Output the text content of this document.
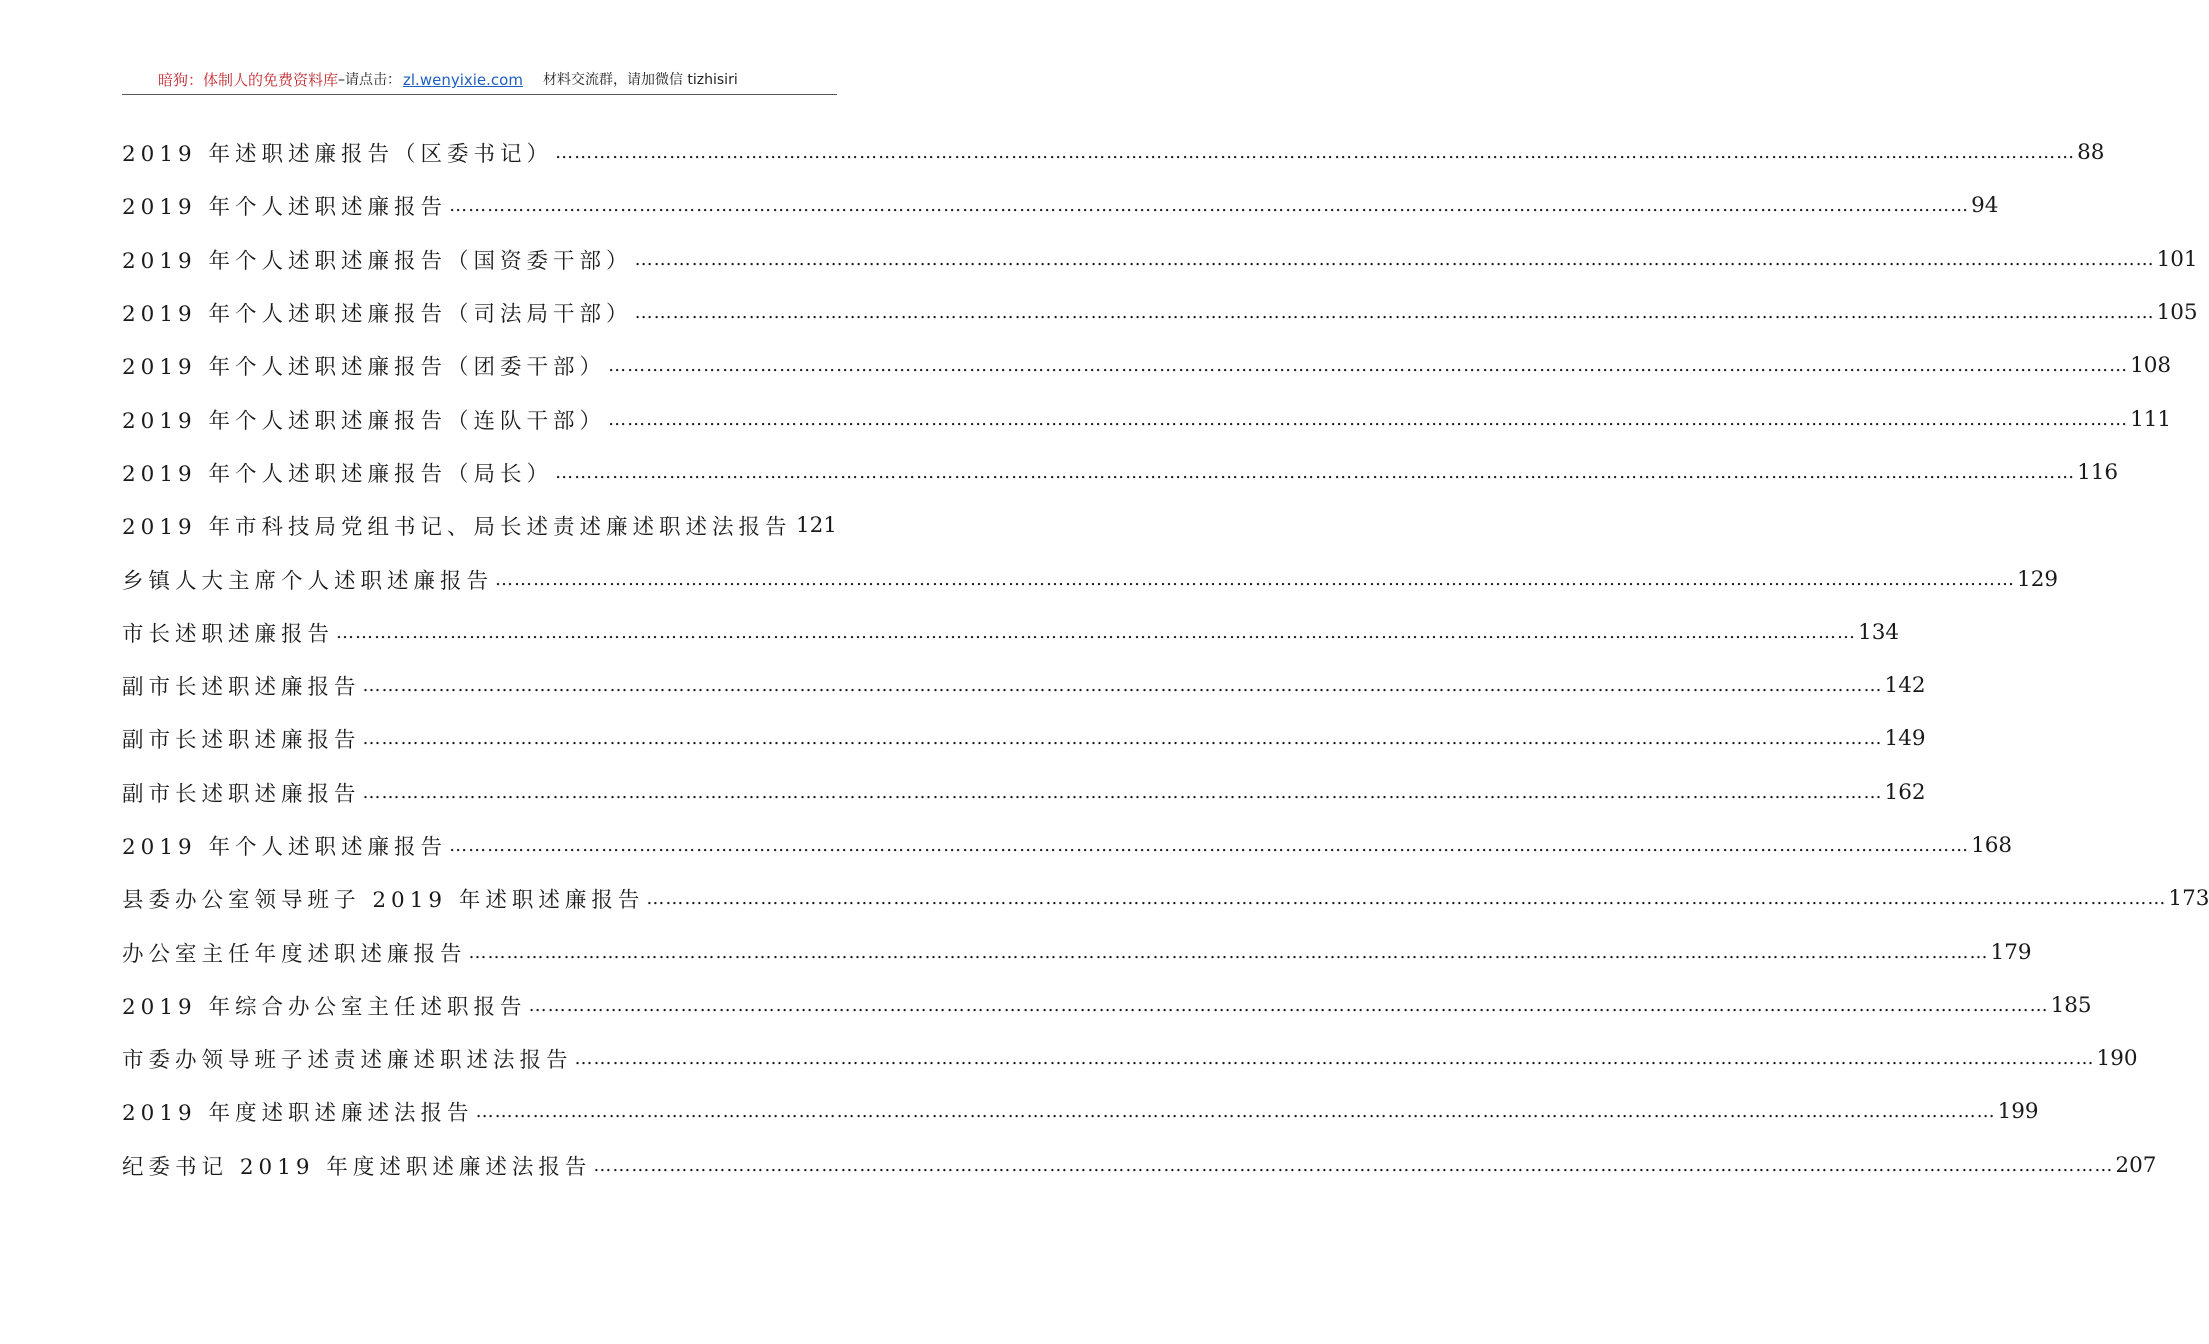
暗狗：体制人的免费资料库 –请点击： zl.wenyixie.com 材料交流群，请加微信 tizhisiri
2019 年述职述廉报告（区委书记） …………………………………………………………………………………………………………………………………………………………………………………………………………………… 88
2019 年个人述职述廉报告 …………………………………………………………………………………………………………………………………………………………………………………………………………………… 94
2019 年个人述职述廉报告（国资委干部） …………………………………………………………………………………………………………………………………………………………………………………………………………………… 101
2019 年个人述职述廉报告（司法局干部） …………………………………………………………………………………………………………………………………………………………………………………………………………………… 105
2019 年个人述职述廉报告（团委干部） …………………………………………………………………………………………………………………………………………………………………………………………………………………… 108
2019 年个人述职述廉报告（连队干部） …………………………………………………………………………………………………………………………………………………………………………………………………………………… 111
2019 年个人述职述廉报告（局长） …………………………………………………………………………………………………………………………………………………………………………………………………………………… 116
2019 年市科技局党组书记、局长述责述廉述职述法报告 121
乡镇人大主席个人述职述廉报告 …………………………………………………………………………………………………………………………………………………………………………………………………………………… 129
市长述职述廉报告 …………………………………………………………………………………………………………………………………………………………………………………………………………………… 134
副市长述职述廉报告 …………………………………………………………………………………………………………………………………………………………………………………………………………………… 142
副市长述职述廉报告 …………………………………………………………………………………………………………………………………………………………………………………………………………………… 149
副市长述职述廉报告 …………………………………………………………………………………………………………………………………………………………………………………………………………………… 162
2019 年个人述职述廉报告 …………………………………………………………………………………………………………………………………………………………………………………………………………………… 168
县委办公室领导班子 2019 年述职述廉报告 …………………………………………………………………………………………………………………………………………………………………………………………………………………… 173
办公室主任年度述职述廉报告 …………………………………………………………………………………………………………………………………………………………………………………………………………………… 179
2019 年综合办公室主任述职报告 …………………………………………………………………………………………………………………………………………………………………………………………………………………… 185
市委办领导班子述责述廉述职述法报告 …………………………………………………………………………………………………………………………………………………………………………………………………………………… 190
2019 年度述职述廉述法报告 …………………………………………………………………………………………………………………………………………………………………………………………………………………… 199
纪委书记 2019 年度述职述廉述法报告 …………………………………………………………………………………………………………………………………………………………………………………………………………………… 207
